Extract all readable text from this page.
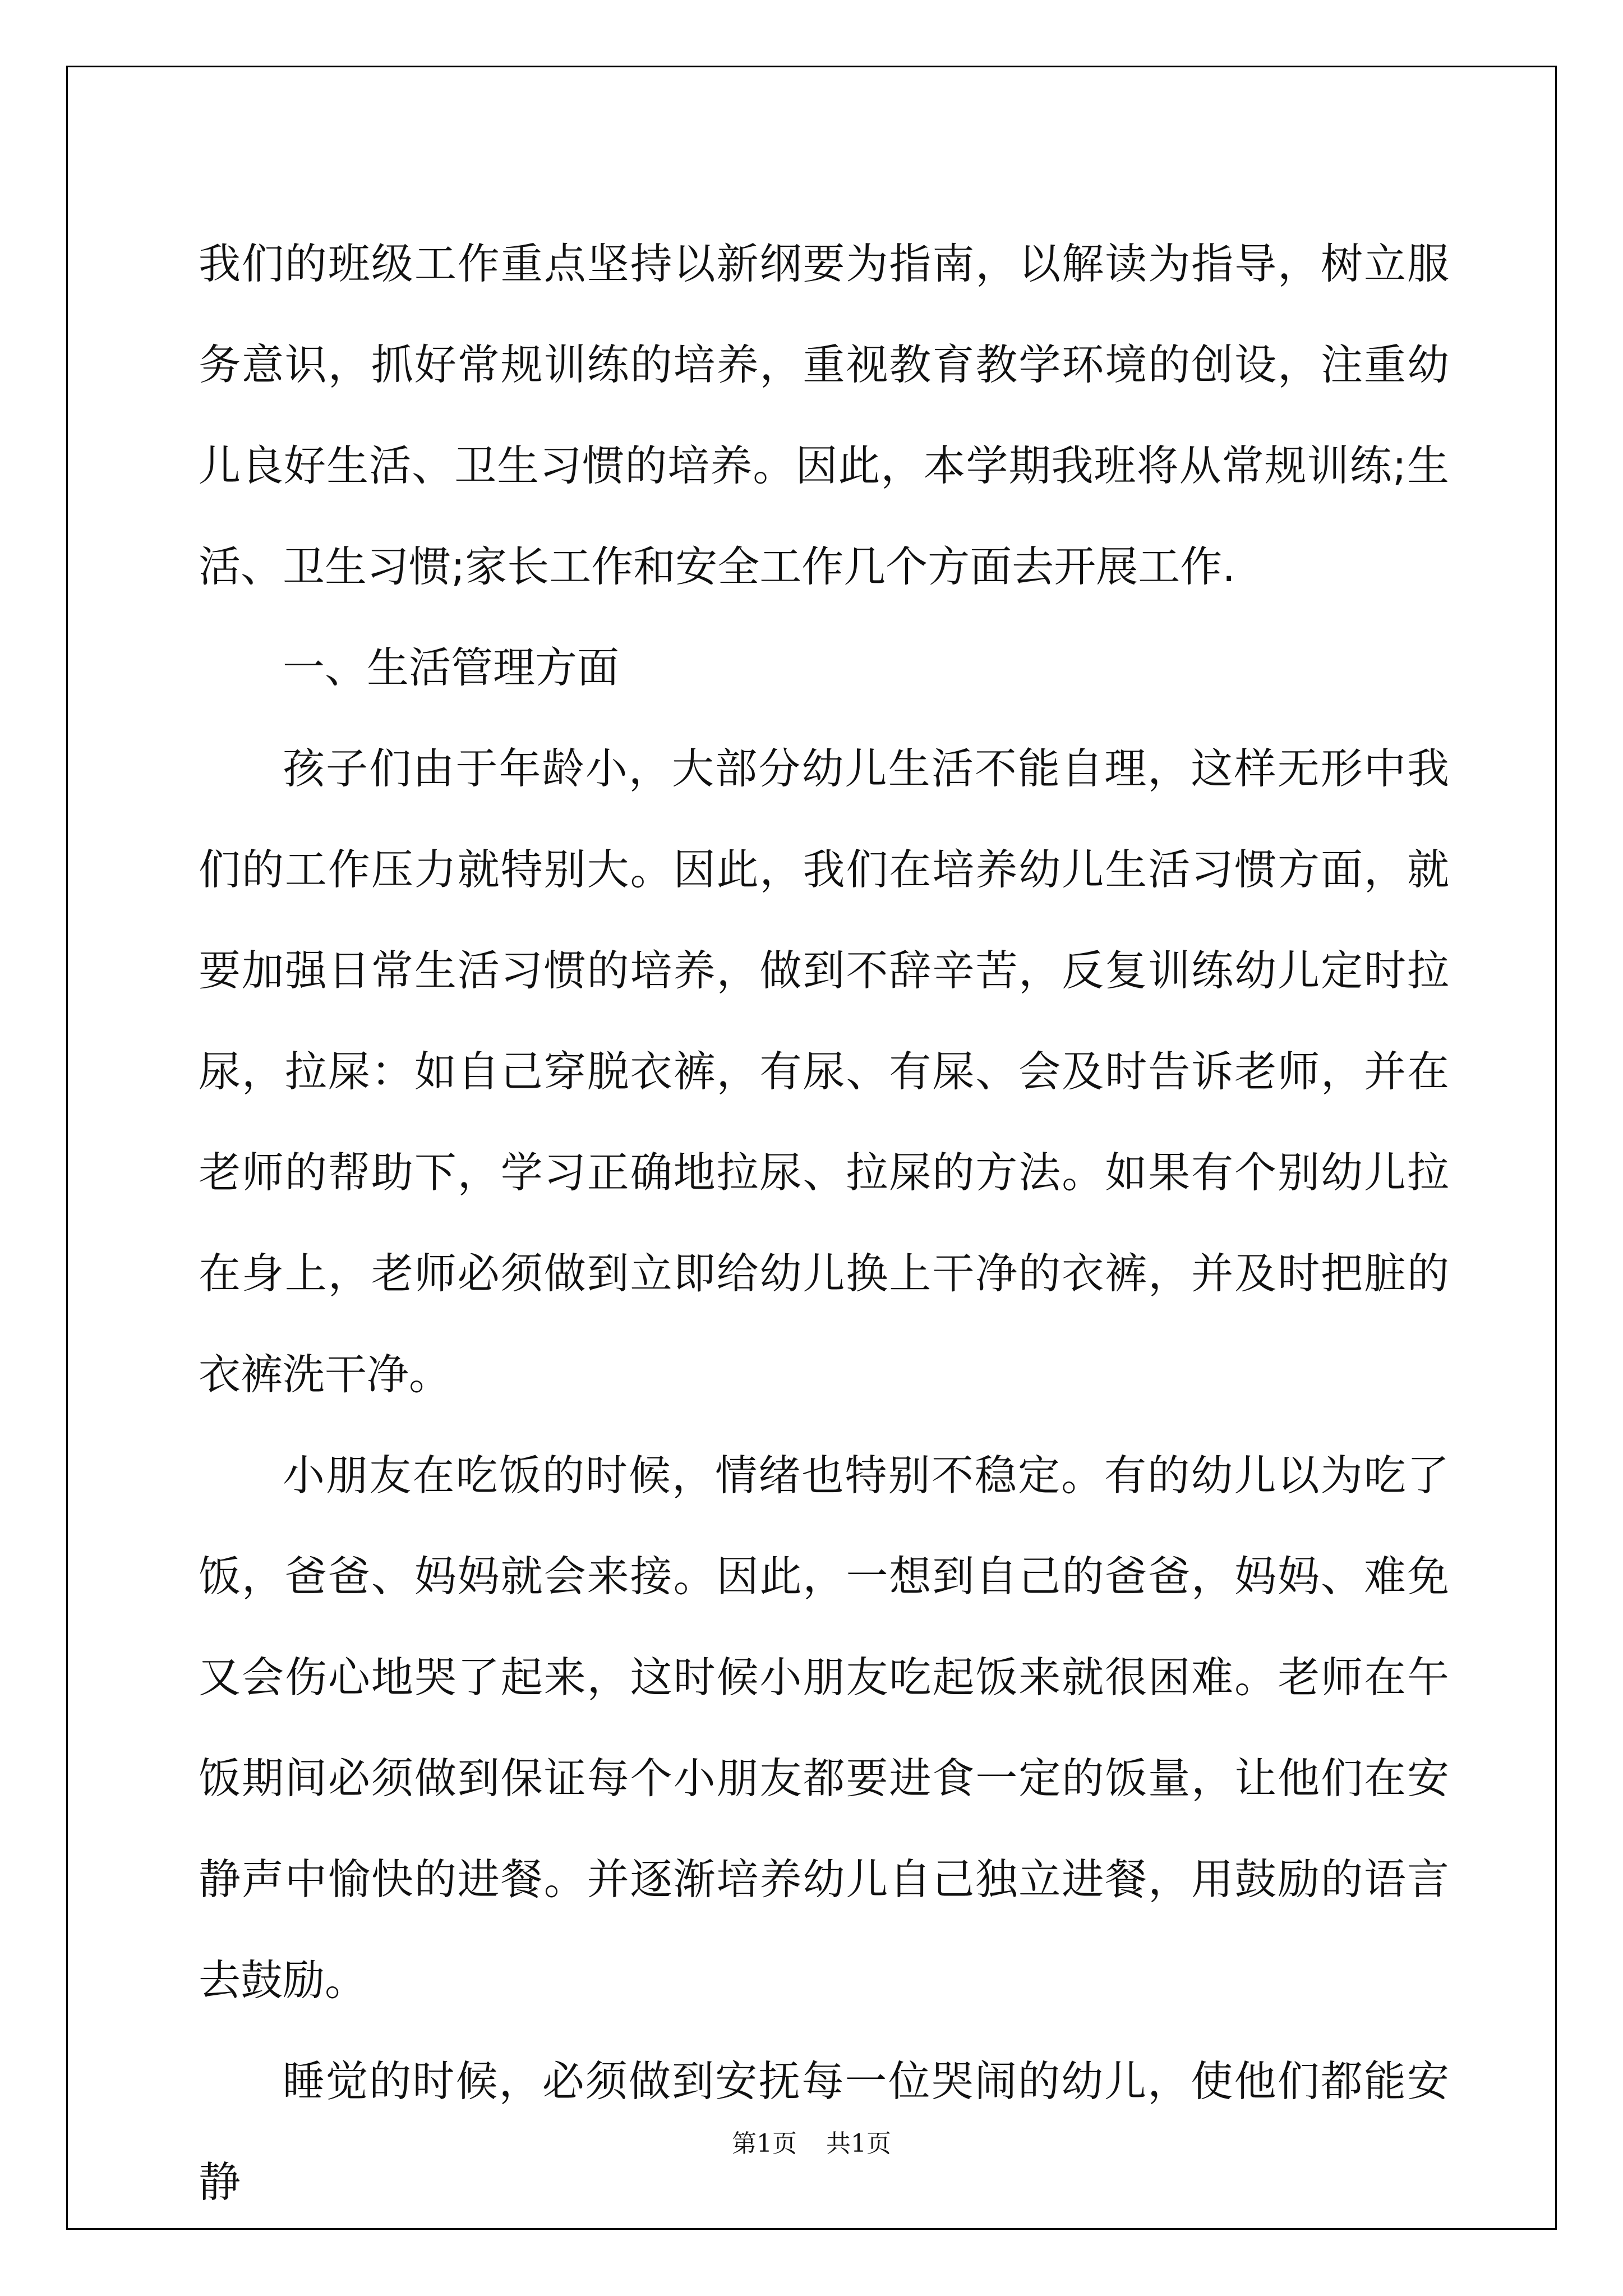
我们的班级工作重点坚持以新纲要为指南，以解读为指导，树立服务意识，抓好常规训练的培养，重视教育教学环境的创设，注重幼儿良好生活、卫生习惯的培养。因此，本学期我班将从常规训练;生活、卫生习惯;家长工作和安全工作几个方面去开展工作.

一、生活管理方面

孩子们由于年龄小，大部分幼儿生活不能自理，这样无形中我们的工作压力就特别大。因此，我们在培养幼儿生活习惯方面，就要加强日常生活习惯的培养，做到不辞辛苦，反复训练幼儿定时拉尿，拉屎：如自己穿脱衣裤，有尿、有屎、会及时告诉老师，并在老师的帮助下，学习正确地拉尿、拉屎的方法。如果有个别幼儿拉在身上，老师必须做到立即给幼儿换上干净的衣裤，并及时把脏的衣裤洗干净。

小朋友在吃饭的时候，情绪也特别不稳定。有的幼儿以为吃了饭，爸爸、妈妈就会来接。因此，一想到自己的爸爸，妈妈、难免又会伤心地哭了起来，这时候小朋友吃起饭来就很困难。老师在午饭期间必须做到保证每个小朋友都要进食一定的饭量，让他们在安静声中愉快的进餐。并逐渐培养幼儿自己独立进餐，用鼓励的语言去鼓励。

睡觉的时候，必须做到安抚每一位哭闹的幼儿，使他们都能安静

第1页 共1页
